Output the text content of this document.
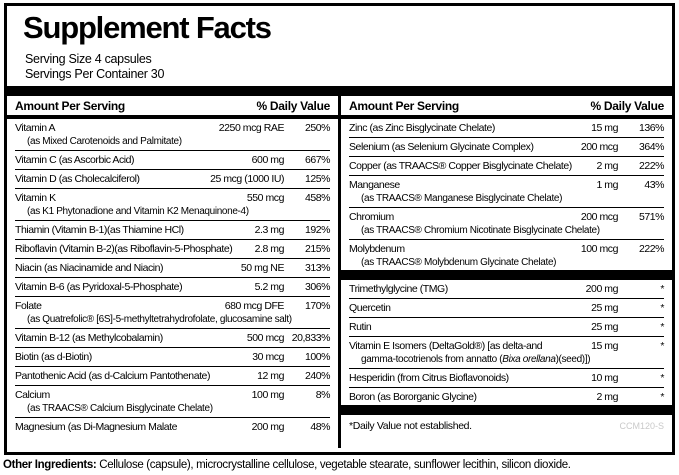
Supplement Facts
Serving Size 4 capsules
Servings Per Container 30
Amount Per Serving	% Daily Value
Vitamin A	2250 mcg RAE	250%
(as Mixed Carotenoids and Palmitate)
Vitamin C (as Ascorbic Acid)	600 mg	667%
Vitamin D (as Cholecalciferol)	25 mcg (1000 IU)	125%
Vitamin K	550 mcg	458%
(as K1 Phytonadione and Vitamin K2 Menaquinone-4)
Thiamin (Vitamin B-1)(as Thiamine HCl)	2.3 mg	192%
Riboflavin (Vitamin B-2)(as Riboflavin-5-Phosphate)	2.8 mg	215%
Niacin (as Niacinamide and Niacin)	50 mg NE	313%
Vitamin B-6 (as Pyridoxal-5-Phosphate)	5.2 mg	306%
Folate	680 mcg DFE	170%
(as Quatrefolic® [6S]-5-methyltetrahydrofolate, glucosamine salt)
Vitamin B-12 (as Methylcobalamin)	500 mcg 20,833%
Biotin (as d-Biotin)	30 mcg	100%
Pantothenic Acid (as d-Calcium Pantothenate)	12 mg	240%
Calcium	100 mg	8%
(as TRAACS® Calcium Bisglycinate Chelate)
Magnesium (as Di-Magnesium Malate	200 mg	48%
Amount Per Serving	% Daily Value
Zinc (as Zinc Bisglycinate Chelate)	15 mg	136%
Selenium (as Selenium Glycinate Complex)	200 mcg	364%
Copper (as TRAACS® Copper Bisglycinate Chelate)	2 mg	222%
Manganese	1 mg	43%
(as TRAACS® Manganese Bisglycinate Chelate)
Chromium	200 mcg	571%
(as TRAACS® Chromium Nicotinate Bisglycinate Chelate)
Molybdenum	100 mcg	222%
(as TRAACS® Molybdenum Glycinate Chelate)
Trimethylglycine (TMG)	200 mg	*
Quercetin	25 mg	*
Rutin	25 mg	*
Vitamin E Isomers (DeltaGold®) [as delta-and	15 mg	*
gamma-tocotrienols from annatto (Bixa orellana)(seed)])
Hesperidin (from Citrus Bioflavonoids)	10 mg	*
Boron (as Bororganic Glycine)	2 mg	*
*Daily Value not established.	CCM120-S
Other Ingredients: Cellulose (capsule), microcrystalline cellulose, vegetable stearate, sunflower lecithin, silicon dioxide.
